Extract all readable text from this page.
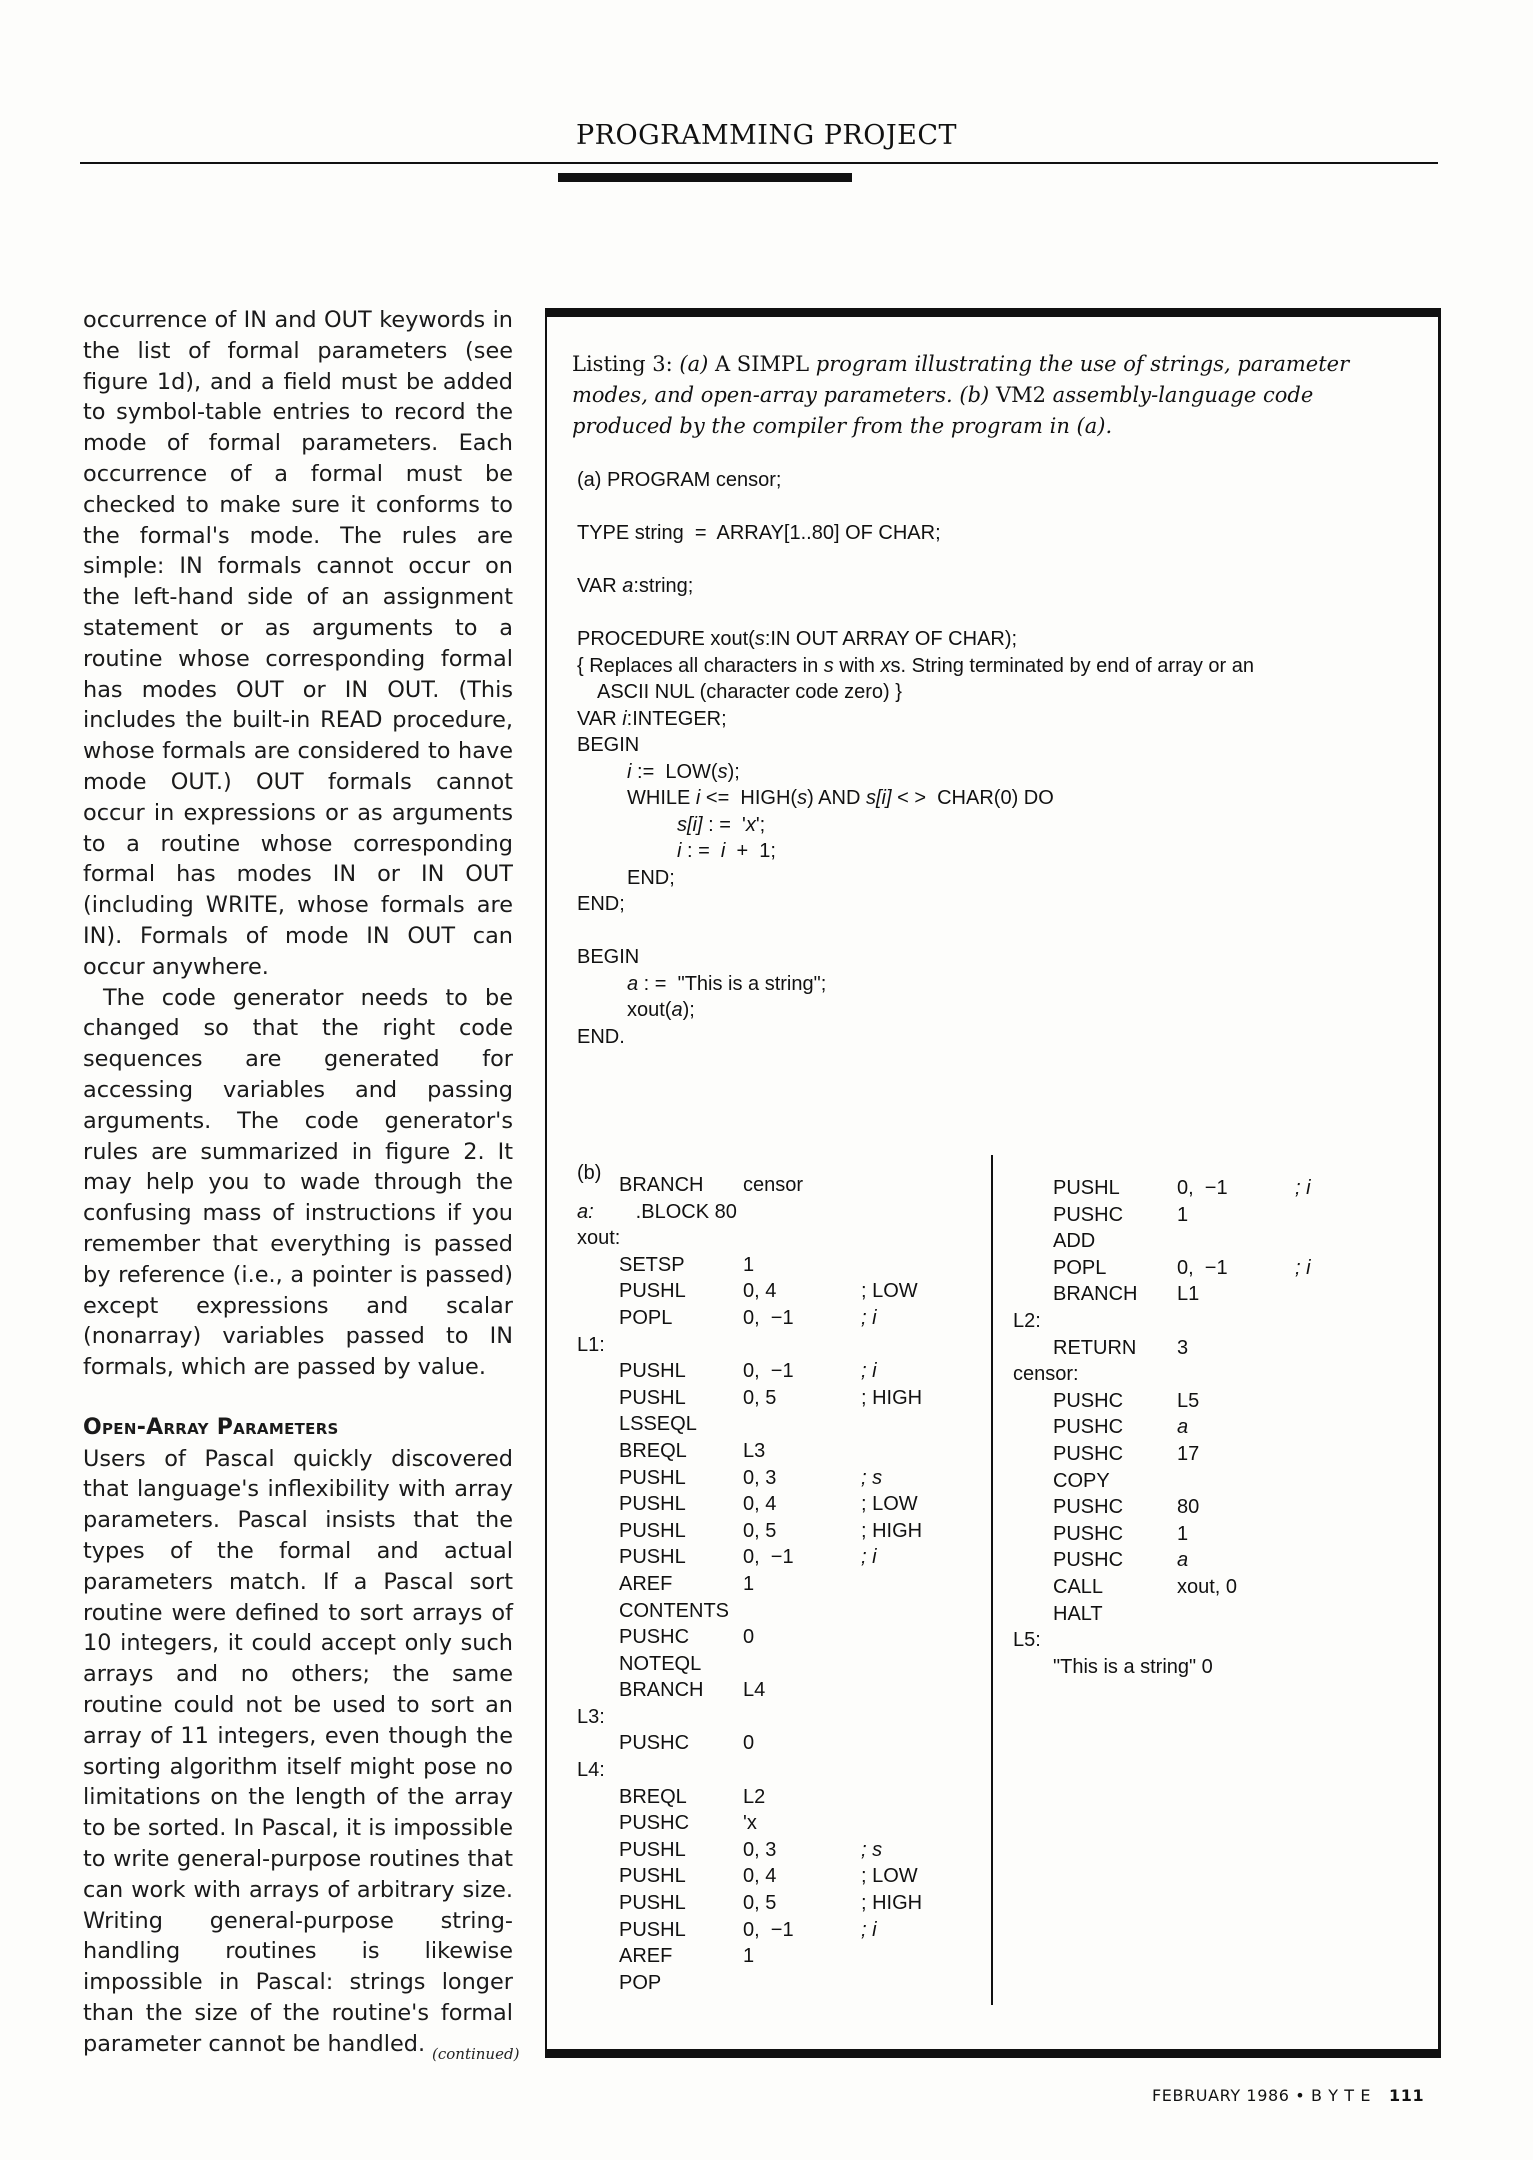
PROGRAMMING PROJECT

occurrence of IN and OUT keywords in the list of formal parameters (see figure 1d), and a field must be added to symbol-table entries to record the mode of formal parameters. Each occurrence of a formal must be checked to make sure it conforms to the formal's mode. The rules are simple: IN formals cannot occur on the left-hand side of an assignment statement or as arguments to a routine whose corresponding formal has modes OUT or IN OUT. (This includes the built-in READ procedure, whose formals are considered to have mode OUT.) OUT formals cannot occur in expressions or as arguments to a routine whose corresponding formal has modes IN or IN OUT (including WRITE, whose formals are IN). Formals of mode IN OUT can occur anywhere.

The code generator needs to be changed so that the right code sequences are generated for accessing variables and passing arguments. The code generator's rules are summarized in figure 2. It may help you to wade through the confusing mass of instructions if you remember that everything is passed by reference (i.e., a pointer is passed) except expressions and scalar (nonarray) variables passed to IN formals, which are passed by value.

Open-Array Parameters

Users of Pascal quickly discovered that language's inflexibility with array parameters. Pascal insists that the types of the formal and actual parameters match. If a Pascal sort routine were defined to sort arrays of 10 integers, it could accept only such arrays and no others; the same routine could not be used to sort an array of 11 integers, even though the sorting algorithm itself might pose no limitations on the length of the array to be sorted. In Pascal, it is impossible to write general-purpose routines that can work with arrays of arbitrary size. Writing general-purpose string-handling routines is likewise impossible in Pascal: strings longer than the size of the routine's formal parameter cannot be handled. (continued)
Listing 3: (a) A SIMPL program illustrating the use of strings, parameter modes, and open-array parameters. (b) VM2 assembly-language code produced by the compiler from the program in (a).
(a) PROGRAM censor;
TYPE string  =  ARRAY[1..80] OF CHAR;
VAR a:string;
PROCEDURE xout(s:IN OUT ARRAY OF CHAR);
{ Replaces all characters in s with xs. String terminated by end of array or an
ASCII NUL (character code zero) }
VAR i:INTEGER;
BEGIN
i :=  LOW(s);
WHILE i <=  HIGH(s) AND s[i] < >  CHAR(0) DO
s[i] : =  'x';
i : =  i  +  1;
END;
END;
BEGIN
a : =  "This is a string";
xout(a);
END.
(b)
BRANCH	censor
a:	.BLOCK 80
xout:
SETSP	1
PUSHL	0, 4	; LOW
POPL	0,  −1	; i
L1:
PUSHL	0,  −1	; i
PUSHL	0, 5	; HIGH
LSSEQL
BREQL	L3
PUSHL	0, 3	; s
PUSHL	0, 4	; LOW
PUSHL	0, 5	; HIGH
PUSHL	0,  −1	; i
AREF	1
CONTENTS
PUSHC	0
NOTEQL
BRANCH	L4
L3:
PUSHC	0
L4:
BREQL	L2
PUSHC	'x
PUSHL	0, 3	; s
PUSHL	0, 4	; LOW
PUSHL	0, 5	; HIGH
PUSHL	0,  −1	; i
AREF	1
POP
PUSHL	0,  −1	; i
PUSHC	1
ADD
POPL	0,  −1	; i
BRANCH	L1
L2:
RETURN	3
censor:
PUSHC	L5
PUSHC	a
PUSHC	17
COPY
PUSHC	80
PUSHC	1
PUSHC	a
CALL	xout, 0
HALT
L5:
"This is a string" 0
FEBRUARY 1986 • B Y T E 111
